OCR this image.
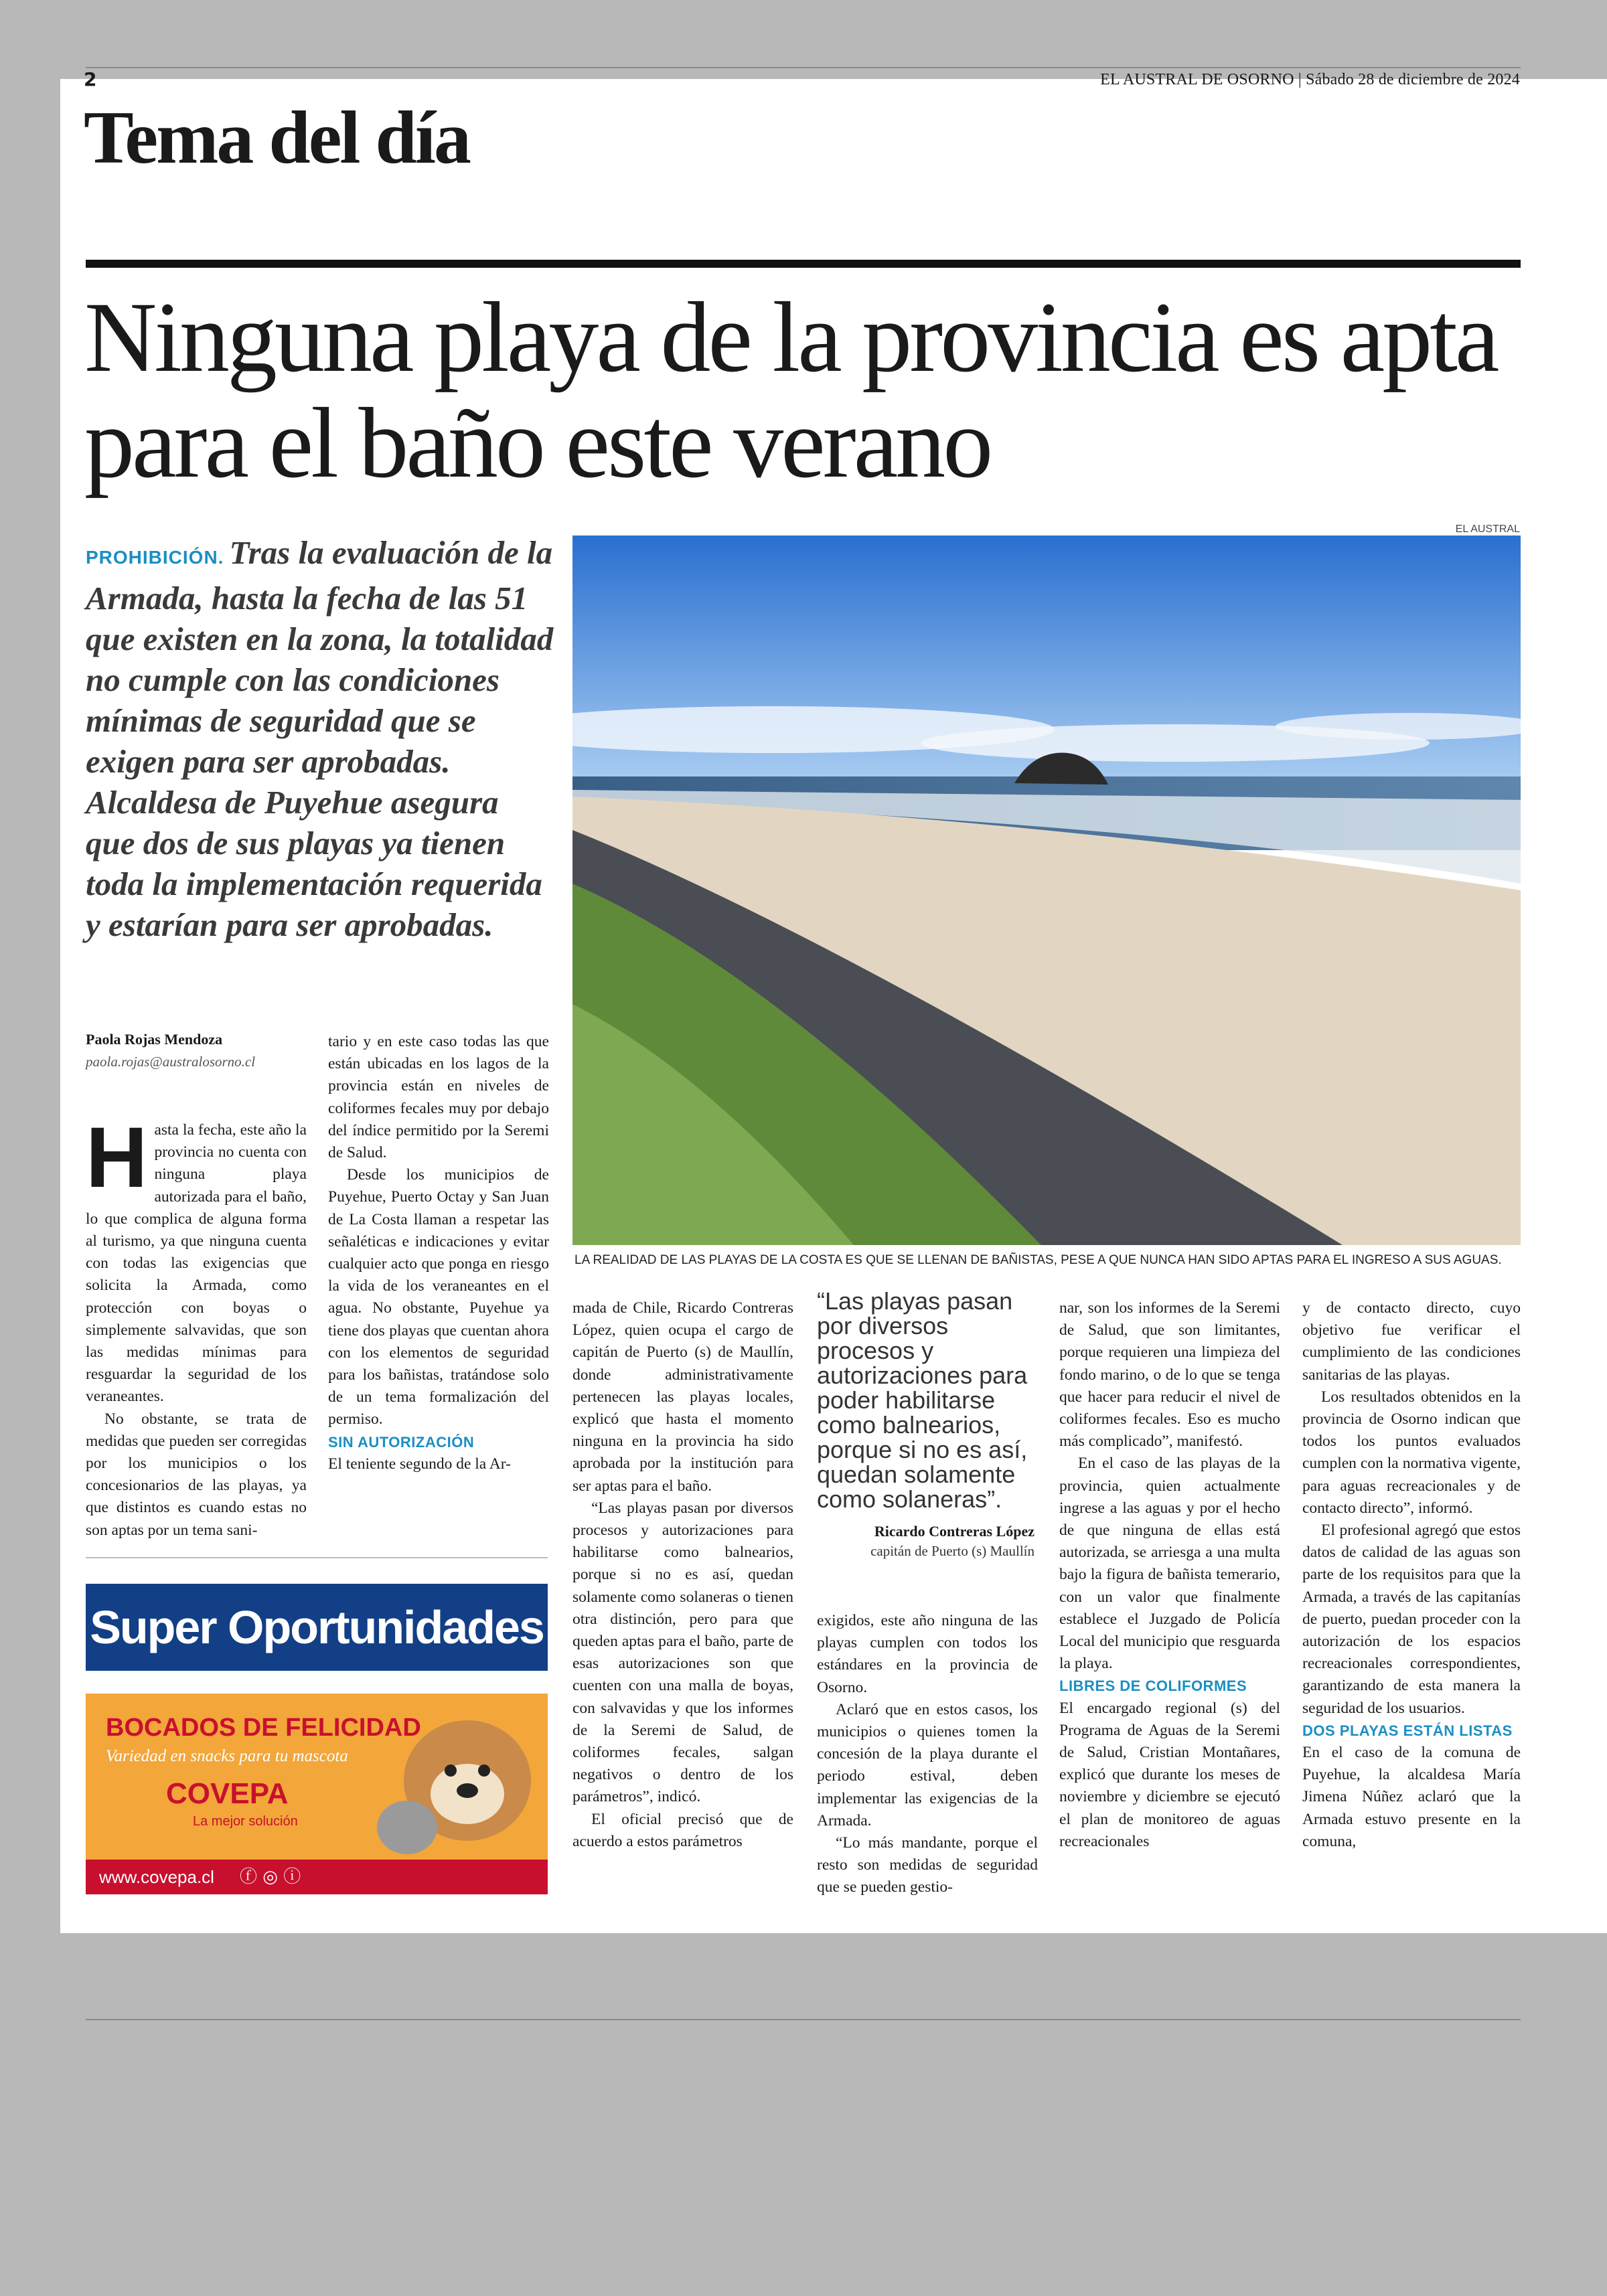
2	EL AUSTRAL DE OSORNO | Sábado 28 de diciembre de 2024
Tema del día
Ninguna playa de la provincia es apta para el baño este verano
PROHIBICIÓN. Tras la evaluación de la Armada, hasta la fecha de las 51 que existen en la zona, la totalidad no cumple con las condiciones mínimas de seguridad que se exigen para ser aprobadas. Alcaldesa de Puyehue asegura que dos de sus playas ya tienen toda la implementación requerida y estarían para ser aprobadas.
EL AUSTRAL
LA REALIDAD DE LAS PLAYAS DE LA COSTA ES QUE SE LLENAN DE BAÑISTAS, PESE A QUE NUNCA HAN SIDO APTAS PARA EL INGRESO A SUS AGUAS.
Paola Rojas Mendoza
paola.rojas@australosorno.cl

Hasta la fecha, este año la provincia no cuenta con ninguna playa autorizada para el baño, lo que complica de alguna forma al turismo, ya que ninguna cuenta con todas las exigencias que solicita la Armada, como protección con boyas o simplemente salvavidas, que son las medidas mínimas para resguardar la seguridad de los veraneantes.

No obstante, se trata de medidas que pueden ser corregidas por los municipios o los concesionarios de las playas, ya que distintos es cuando estas no son aptas por un tema sani-

tario y en este caso todas las que están ubicadas en los lagos de la provincia están en niveles de coliformes fecales muy por debajo del índice permitido por la Seremi de Salud.

Desde los municipios de Puyehue, Puerto Octay y San Juan de La Costa llaman a respetar las señaléticas e indicaciones y evitar cualquier acto que ponga en riesgo la vida de los veraneantes en el agua. No obstante, Puyehue ya tiene dos playas que cuentan ahora con los elementos de seguridad para los bañistas, tratándose solo de un tema formalización del permiso.

SIN AUTORIZACIÓN

El teniente segundo de la Ar-

mada de Chile, Ricardo Contreras López, quien ocupa el cargo de capitán de Puerto (s) de Maullín, donde administrativamente pertenecen las playas locales, explicó que hasta el momento ninguna en la provincia ha sido aprobada por la institución para ser aptas para el baño.

“Las playas pasan por diversos procesos y autorizaciones para habilitarse como balnearios, porque si no es así, quedan solamente como solaneras o tienen otra distinción, pero para que queden aptas para el baño, parte de esas autorizaciones son que cuenten con una malla de boyas, con salvavidas y que los informes de la Seremi de Salud, de coliformes fecales, salgan negativos o dentro de los parámetros”, indicó.

El oficial precisó que de acuerdo a estos parámetros

“Las playas pasan por diversos procesos y autorizaciones para poder habilitarse como balnearios, porque si no es así, quedan solamente como solaneras”.
Ricardo Contreras López
capitán de Puerto (s) Maullín

exigidos, este año ninguna de las playas cumplen con todos los estándares en la provincia de Osorno.

Aclaró que en estos casos, los municipios o quienes tomen la concesión de la playa durante el periodo estival, deben implementar las exigencias de la Armada.

“Lo más mandante, porque el resto son medidas de seguridad que se pueden gestio-

nar, son los informes de la Seremi de Salud, que son limitantes, porque requieren una limpieza del fondo marino, o de lo que se tenga que hacer para reducir el nivel de coliformes fecales. Eso es mucho más complicado”, manifestó.

En el caso de las playas de la provincia, quien actualmente ingrese a las aguas y por el hecho de que ninguna de ellas está autorizada, se arriesga a una multa bajo la figura de bañista temerario, con un valor que finalmente establece el Juzgado de Policía Local del municipio que resguarda la playa.

LIBRES DE COLIFORMES

El encargado regional (s) del Programa de Aguas de la Seremi de Salud, Cristian Montañares, explicó que durante los meses de noviembre y diciembre se ejecutó el plan de monitoreo de aguas recreacionales

y de contacto directo, cuyo objetivo fue verificar el cumplimiento de las condiciones sanitarias de las playas.

Los resultados obtenidos en la provincia de Osorno indican que todos los puntos evaluados cumplen con la normativa vigente, para aguas recreacionales y de contacto directo”, informó.

El profesional agregó que estos datos de calidad de las aguas son parte de los requisitos para que la Armada, a través de las capitanías de puerto, puedan proceder con la autorización de los espacios recreacionales correspondientes, garantizando de esta manera la seguridad de los usuarios.

DOS PLAYAS ESTÁN LISTAS

En el caso de la comuna de Puyehue, la alcaldesa María Jimena Núñez aclaró que la Armada estuvo presente en la comuna,

Super Oportunidades
BOCADOS DE FELICIDAD
Variedad en snacks para tu mascota
COVEPA
La mejor solución
www.covepa.cl ⓕ ◎ ⓘ
